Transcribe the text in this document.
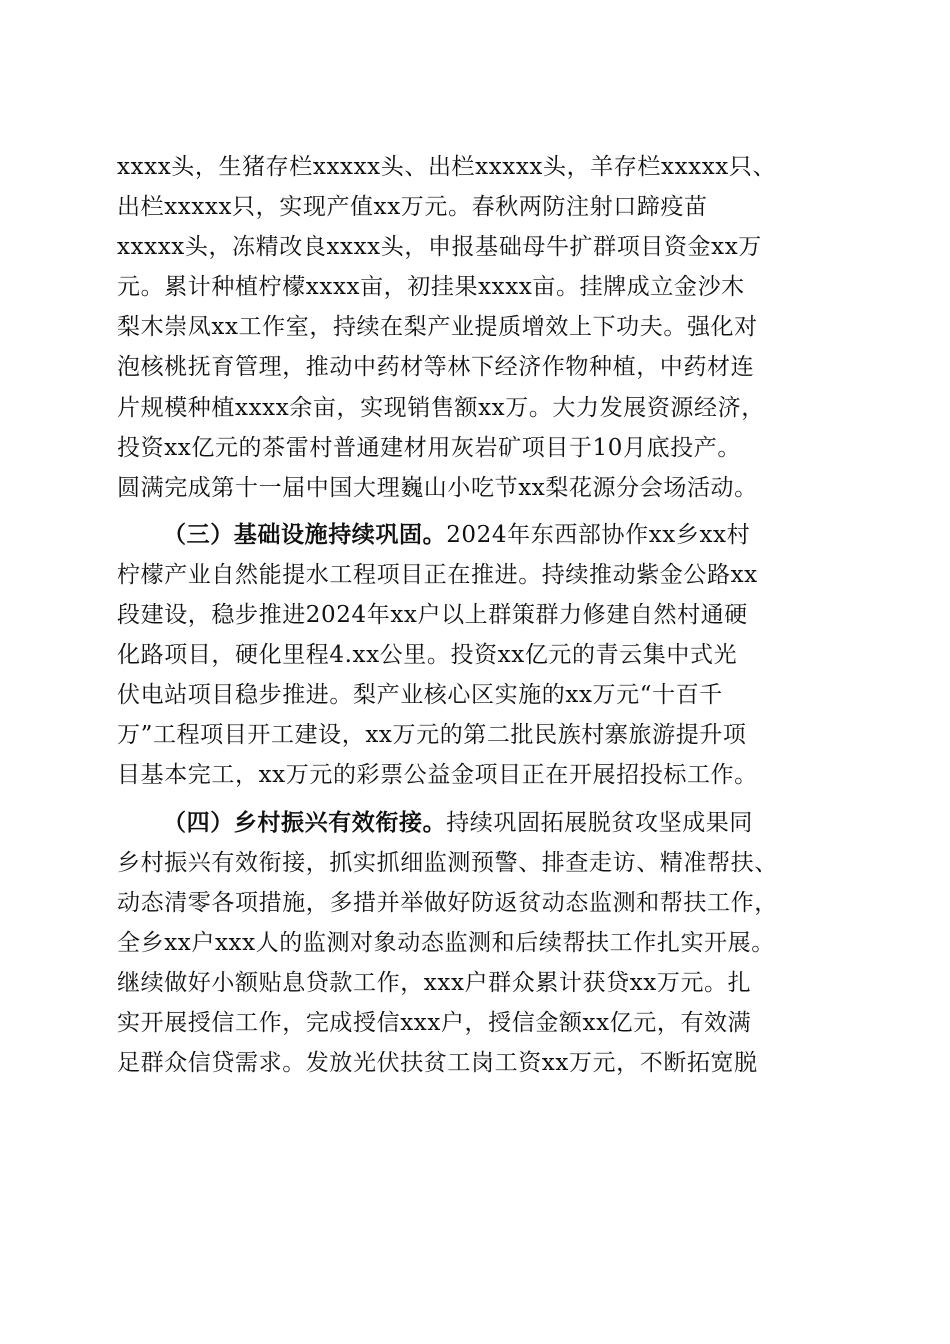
xxxx头，生猪存栏xxxxx头、出栏xxxxx头，羊存栏xxxxx只、
出栏xxxxx只，实现产值xx万元。春秋两防注射口蹄疫苗
xxxxx头，冻精改良xxxx头，申报基础母牛扩群项目资金xx万
元。累计种植柠檬xxxx亩，初挂果xxxx亩。挂牌成立金沙木
梨木崇凤xx工作室，持续在梨产业提质增效上下功夫。强化对
泡核桃抚育管理，推动中药材等林下经济作物种植，中药材连
片规模种植xxxx余亩，实现销售额xx万。大力发展资源经济，
投资xx亿元的茶雷村普通建材用灰岩矿项目于10月底投产。
圆满完成第十一届中国大理巍山小吃节xx梨花源分会场活动。
（三）基础设施持续巩固。2024年东西部协作xx乡xx村
柠檬产业自然能提水工程项目正在推进。持续推动紫金公路xx
段建设，稳步推进2024年xx户以上群策群力修建自然村通硬
化路项目，硬化里程4.xx公里。投资xx亿元的青云集中式光
伏电站项目稳步推进。梨产业核心区实施的xx万元“十百千
万”工程项目开工建设，xx万元的第二批民族村寨旅游提升项
目基本完工，xx万元的彩票公益金项目正在开展招投标工作。
（四）乡村振兴有效衔接。持续巩固拓展脱贫攻坚成果同
乡村振兴有效衔接，抓实抓细监测预警、排查走访、精准帮扶、
动态清零各项措施，多措并举做好防返贫动态监测和帮扶工作，
全乡xx户xxx人的监测对象动态监测和后续帮扶工作扎实开展。
继续做好小额贴息贷款工作，xxx户群众累计获贷xx万元。扎
实开展授信工作，完成授信xxx户，授信金额xx亿元，有效满
足群众信贷需求。发放光伏扶贫工岗工资xx万元，不断拓宽脱
